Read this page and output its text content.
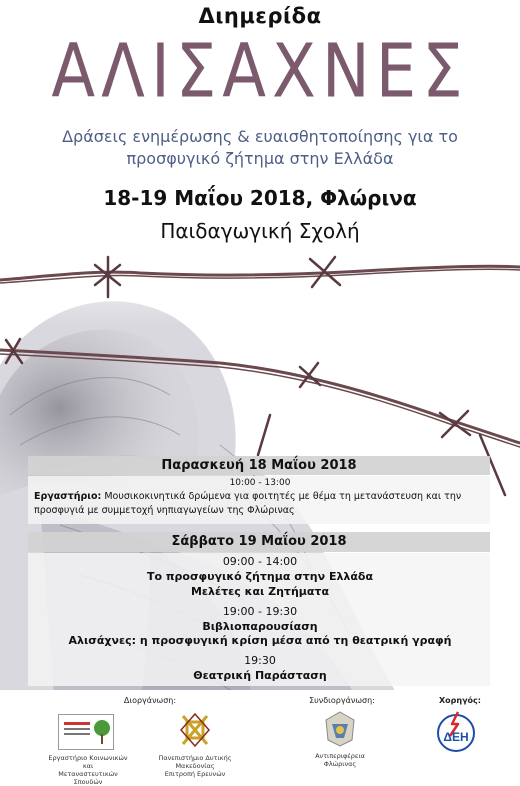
Διημερίδα
ΑΛΙΣΑΧΝΕΣ
Δράσεις ενημέρωσης & ευαισθητοποίησης για το
προσφυγικό ζήτημα στην Ελλάδα
18-19 Μαΐου 2018, Φλώρινα
Παιδαγωγική Σχολή
Παρασκευή 18 Μαΐου 2018
10:00 - 13:00
Εργαστήριο: Μουσικοκινητικά δρώμενα για φοιτητές με θέμα τη μετανάστευση και την
προσφυγιά με συμμετοχή νηπιαγωγείων της Φλώρινας
Σάββατο 19 Μαΐου 2018
09:00 - 14:00
Το προσφυγικό ζήτημα στην Ελλάδα
Μελέτες και Ζητήματα
19:00 - 19:30
Βιβλιοπαρουσίαση
Αλισάχνες: η προσφυγική κρίση μέσα από τη θεατρική γραφή
19:30
Θεατρική Παράσταση
Διοργάνωση:	Συνδιοργάνωση:	Χορηγός:
Εργαστήριο Κοινωνικών και
Μεταναστευτικών Σπουδών
Πανεπιστήμιο Δυτικής Μακεδονίας
Επιτροπή Ερευνών
Αντιπεριφέρεια
Φλώρινας
ΔΕΗ
